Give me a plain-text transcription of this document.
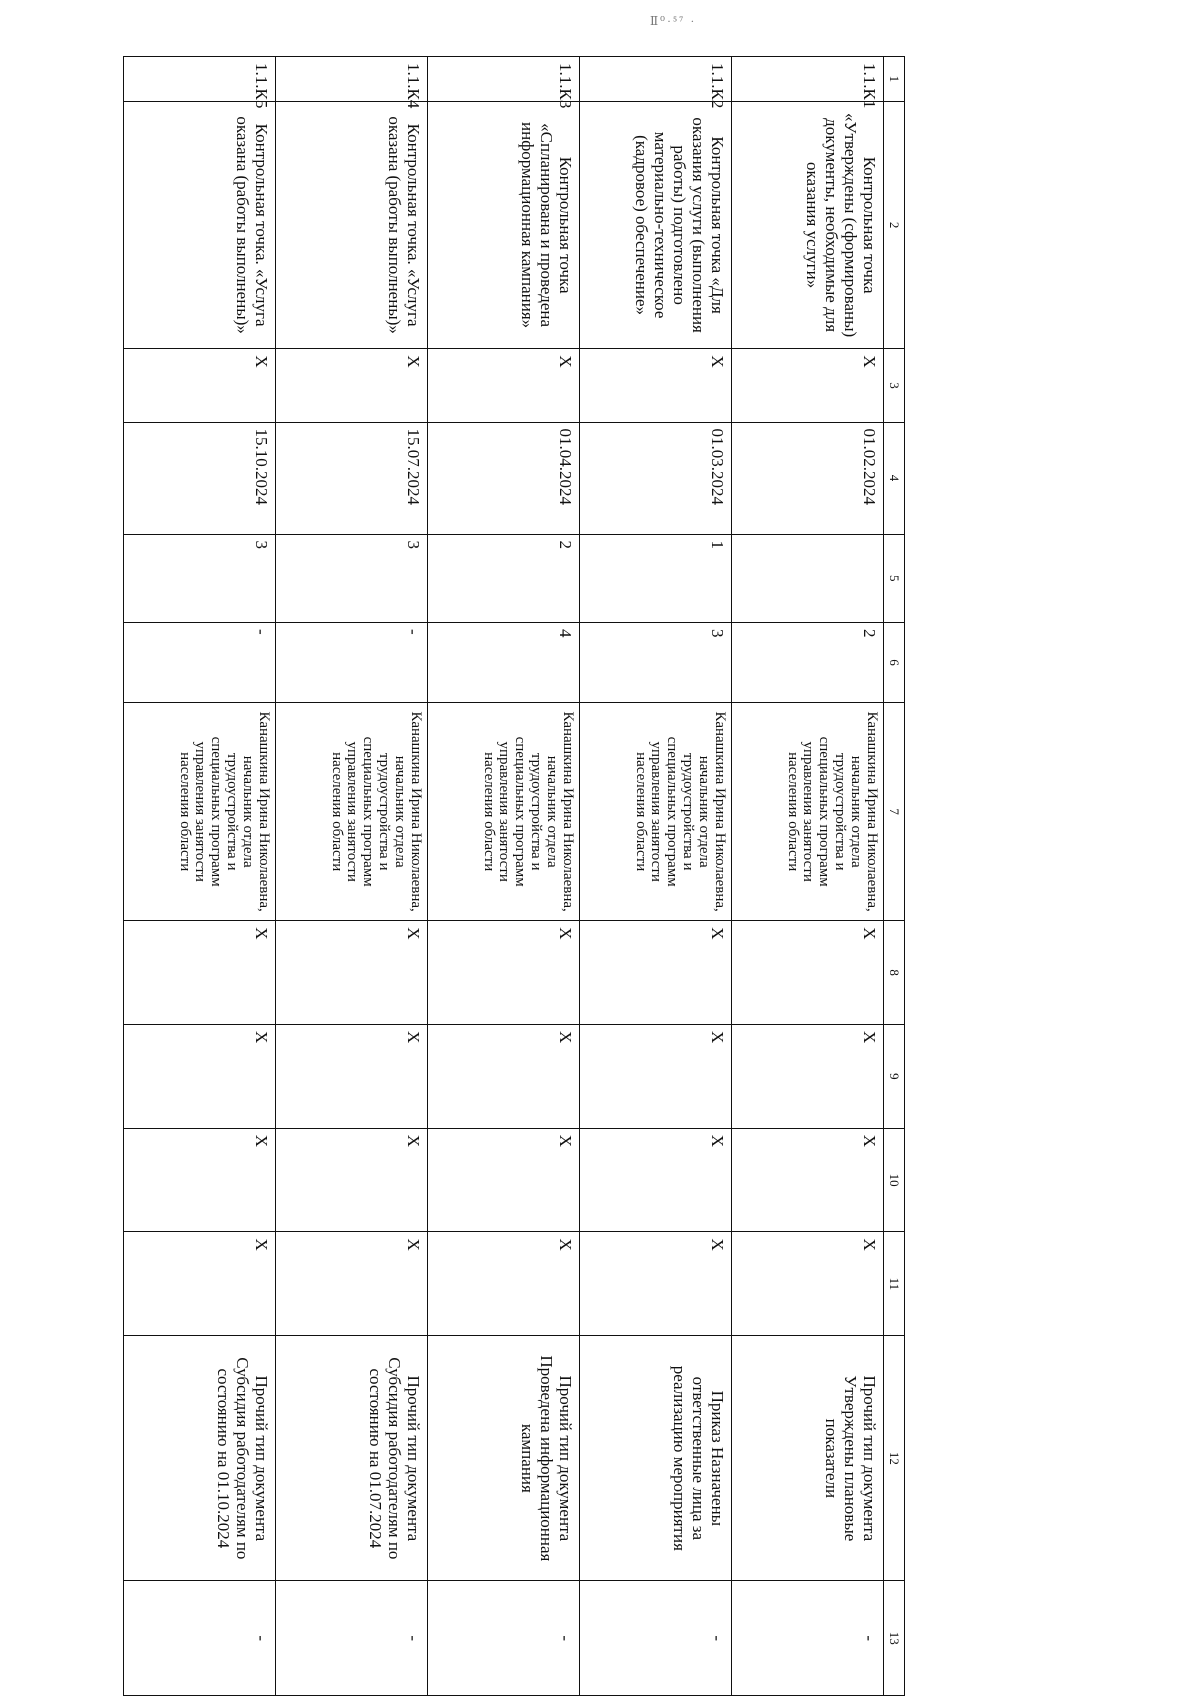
Ⅱ⁰·⁵⁷ ·
1	2	3	4	5	6	7	8	9	10	11	12	13
1.1.К1	Контрольная точка «Утверждены (сформированы) документы, необходимые для оказания услуги»	Х	01.02.2024		2	Канашкина Ирина Николаевна, начальник отдела трудоустройства и специальных программ управления занятости населения области	Х	Х	Х	Х	Прочий тип документа Утверждены плановые показатели	-
1.1.К2	Контрольная точка «Для оказания услуги (выполнения работы) подготовлено материально-техническое (кадровое) обеспечение»	Х	01.03.2024	1	3	Канашкина Ирина Николаевна, начальник отдела трудоустройства и специальных программ управления занятости населения области	Х	Х	Х	Х	Приказ Назначены ответственные лица за реализацию мероприятия	-
1.1.К3	Контрольная точка «Спланирована и проведена информационная кампания»	Х	01.04.2024	2	4	Канашкина Ирина Николаевна, начальник отдела трудоустройства и специальных программ управления занятости населения области	Х	Х	Х	Х	Прочий тип документа Проведена информационная кампания	-
1.1.К4	Контрольная точка. «Услуга оказана (работы выполнены)»	Х	15.07.2024	3	-	Канашкина Ирина Николаевна, начальник отдела трудоустройства и специальных программ управления занятости населения области	Х	Х	Х	Х	Прочий тип документа Субсидия работодателям по состоянию на 01.07.2024	-
1.1.К5	Контрольная точка. «Услуга оказана (работы выполнены)»	Х	15.10.2024	3	-	Канашкина Ирина Николаевна, начальник отдела трудоустройства и специальных программ управления занятости населения области	Х	Х	Х	Х	Прочий тип документа Субсидия работодателям по состоянию на 01.10.2024	-
